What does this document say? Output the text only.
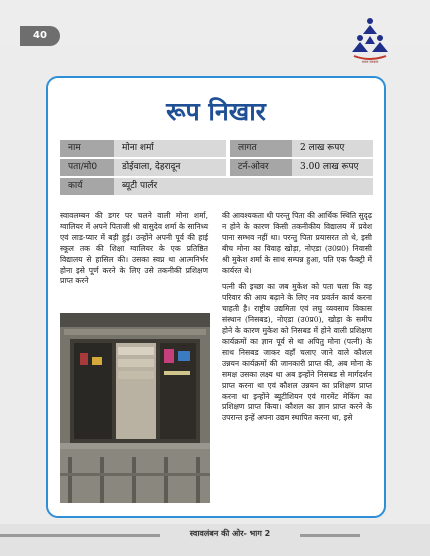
40
भारत सरकार
रूप निखार
नाम	मोना शर्मा	लागत	2 लाख रूपए
पता/मो0	डोईवाला, देहरादून	टर्न-ओवर	3.00 लाख रूपए
कार्य	ब्यूटी पार्लर

स्वावलम्बन की डगर पर चलने वाली मोना शर्मा, ग्वालियर में अपने पिताजी श्री वासुदेव शर्मा के सानिध्य एवं लाड-प्यार में बड़ी हुई। उन्होंने अपनी पूर्व की हाई स्कूल तक की शिक्षा ग्वालियर के एक प्रतिष्ठित विद्यालय से हासिल की। उसका स्वप्न था आत्मनिर्भर होना इसे पूर्ण करने के लिए उसे तकनीकी प्रशिक्षण प्राप्त करने

की आवश्यकता थी परन्तु पिता की आर्थिक स्थिति सुदृढ़ न होने के कारण किसी तकनीकीय विद्यालय में प्रवेश पाना सम्भव नहीं था। परन्तु पिता प्रयासरत तो थे, इसी बीच मोना का विवाह खोड़ा, नोएडा (उ0प्र0) निवासी श्री मुकेश शर्मा के साथ सम्पन्न हुआ, पति एक फैक्ट्री में कार्यरत थे।

पत्नी की इच्छा का जब मुकेश को पता चला कि वह परिवार की आय बढ़ाने के लिए नव प्रवर्तन कार्य करना चाहती है। राष्ट्रीय उद्यमिता एवं लघु व्यवसाय विकास संस्थान (निसबड), नोएडा (उ0प्र0), खोड़ा के समीप होने के कारण मुकेश को निसबड में होने वाली प्रशिक्षण कार्यक्रमों का ज्ञान पूर्व से था अपितु मोना (पत्नी) के साथ निसबड जाकर वहाँ चलाए जाने वाले कौशल उन्नयन कार्यक्रमों की जानकारी प्राप्त की, अब मोना के समक्ष उसका लक्ष्य था अब इन्होंने निसबड से मार्गदर्शन प्राप्त करना था एवं कौशल उन्नयन का प्रशिक्षण प्राप्त करना था इन्होंने ब्यूटीशियन एवं गारमेंट मेकिंग का प्रशिक्षण प्राप्त किया। कौशल का ज्ञान प्राप्त करने के उपरान्त इन्हें अपना उद्यम स्थापित करना था, इसे

स्वावलंबन की ओर- भाग 2
